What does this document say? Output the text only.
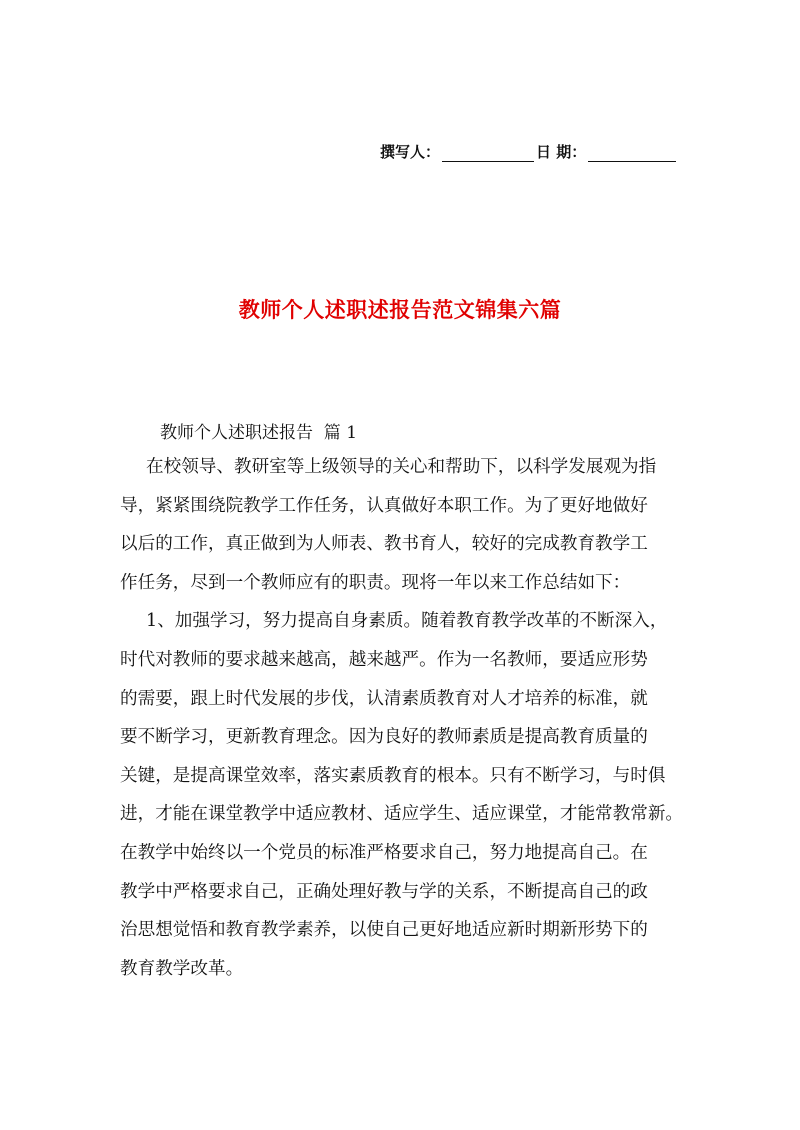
撰写人：	日 期：
教师个人述职述报告范文锦集六篇
教师个人述职述报告  篇 1
在校领导、教研室等上级领导的关心和帮助下，以科学发展观为指
导，紧紧围绕院教学工作任务，认真做好本职工作。为了更好地做好
以后的工作，真正做到为人师表、教书育人，较好的完成教育教学工
作任务，尽到一个教师应有的职责。现将一年以来工作总结如下：
1、加强学习，努力提高自身素质。随着教育教学改革的不断深入，
时代对教师的要求越来越高，越来越严。作为一名教师，要适应形势
的需要，跟上时代发展的步伐，认清素质教育对人才培养的标准，就
要不断学习，更新教育理念。因为良好的教师素质是提高教育质量的
关键，是提高课堂效率，落实素质教育的根本。只有不断学习，与时俱
进，才能在课堂教学中适应教材、适应学生、适应课堂，才能常教常新。
在教学中始终以一个党员的标准严格要求自己，努力地提高自己。在
教学中严格要求自己，正确处理好教与学的关系，不断提高自己的政
治思想觉悟和教育教学素养，以使自己更好地适应新时期新形势下的
教育教学改革。
